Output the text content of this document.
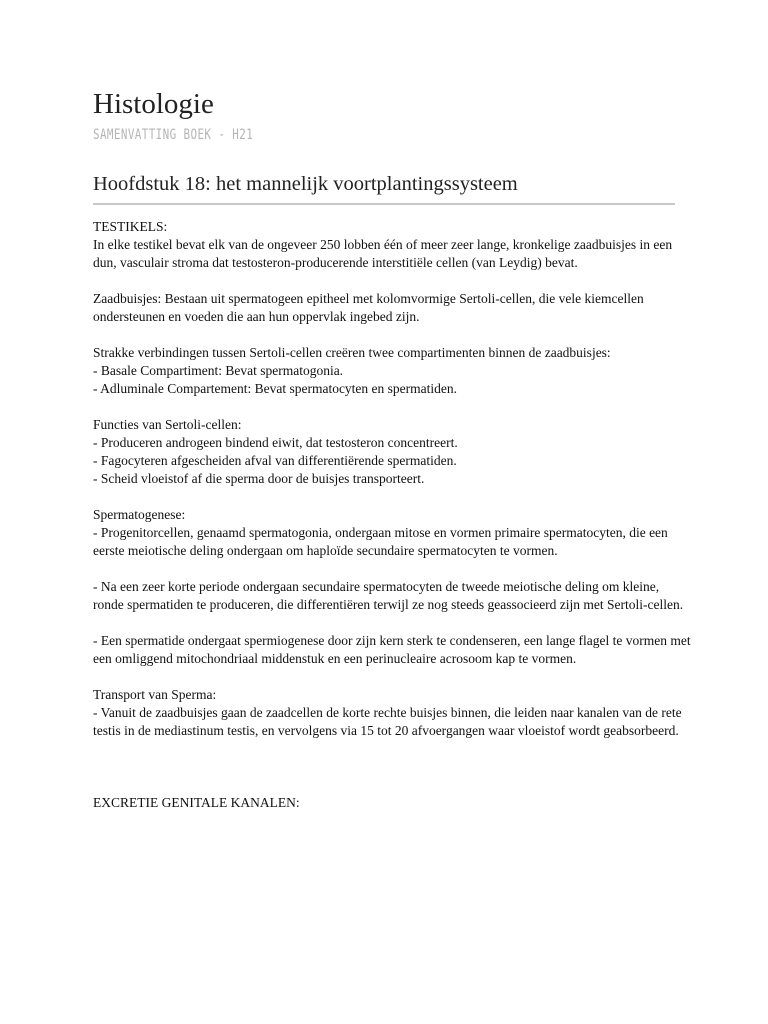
Histologie
SAMENVATTING BOEK - H21
Hoofdstuk 18: het mannelijk voortplantingssysteem

TESTIKELS:
In elke testikel bevat elk van de ongeveer 250 lobben één of meer zeer lange, kronkelige zaadbuisjes in een dun, vasculair stroma dat testosteron-producerende interstitiële cellen (van Leydig) bevat.

Zaadbuisjes: Bestaan uit spermatogeen epitheel met kolomvormige Sertoli-cellen, die vele kiemcellen ondersteunen en voeden die aan hun oppervlak ingebed zijn.

Strakke verbindingen tussen Sertoli-cellen creëren twee compartimenten binnen de zaadbuisjes:
- Basale Compartiment: Bevat spermatogonia.
- Adluminale Compartement: Bevat spermatocyten en spermatiden.

Functies van Sertoli-cellen:
- Produceren androgeen bindend eiwit, dat testosteron concentreert.
- Fagocyteren afgescheiden afval van differentiërende spermatiden.
- Scheid vloeistof af die sperma door de buisjes transporteert.

Spermatogenese:
- Progenitorcellen, genaamd spermatogonia, ondergaan mitose en vormen primaire spermatocyten, die een eerste meiotische deling ondergaan om haploïde secundaire spermatocyten te vormen.

- Na een zeer korte periode ondergaan secundaire spermatocyten de tweede meiotische deling om kleine, ronde spermatiden te produceren, die differentiëren terwijl ze nog steeds geassocieerd zijn met Sertoli-cellen.

- Een spermatide ondergaat spermiogenese door zijn kern sterk te condenseren, een lange flagel te vormen met een omliggend mitochondriaal middenstuk en een perinucleaire acrosoom kap te vormen.

Transport van Sperma:
- Vanuit de zaadbuisjes gaan de zaadcellen de korte rechte buisjes binnen, die leiden naar kanalen van de rete testis in de mediastinum testis, en vervolgens via 15 tot 20 afvoergangen waar vloeistof wordt geabsorbeerd.

EXCRETIE GENITALE KANALEN:
